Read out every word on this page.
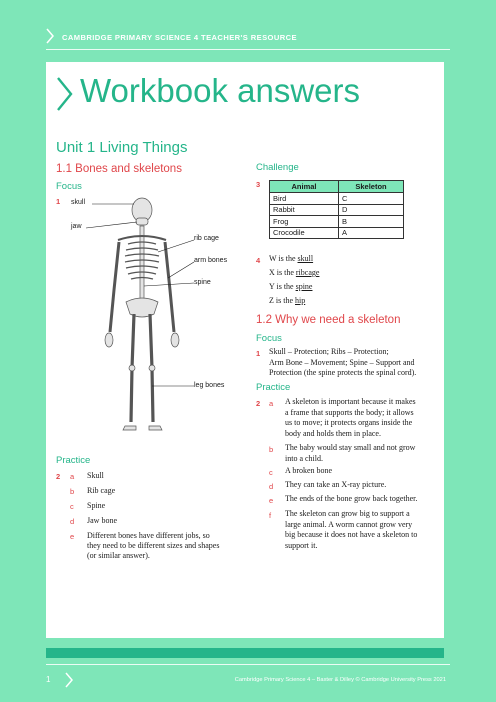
CAMBRIDGE PRIMARY SCIENCE 4 TEACHER'S RESOURCE
Workbook answers
Unit 1 Living Things
1.1 Bones and skeletons
Focus
1 skull
jaw
rib cage
arm bones
spine
leg bones
Practice
2 a Skull
b Rib cage
c Spine
d Jaw bone
e Different bones have different jobs, so
they need to be different sizes and shapes
(or similar answer).
Challenge
3	Animal	Skeleton
Bird	C
Rabbit	D
Frog	B
Crocodile	A
4 W is the skull
X is the ribcage
Y is the spine
Z is the hip
1.2 Why we need a skeleton
Focus
1 Skull – Protection; Ribs – Protection;
Arm Bone – Movement; Spine – Support and
Protection (the spine protects the spinal cord).
Practice
2 a A skeleton is important because it makes
a frame that supports the body; it allows
us to move; it protects organs inside the
body and holds them in place.
b The baby would stay small and not grow
into a child.
c A broken bone
d They can take an X-ray picture.
e The ends of the bone grow back together.
f The skeleton can grow big to support a
large animal. A worm cannot grow very
big because it does not have a skeleton to
support it.
1	Cambridge Primary Science 4 – Baxter & Dilley © Cambridge University Press 2021
